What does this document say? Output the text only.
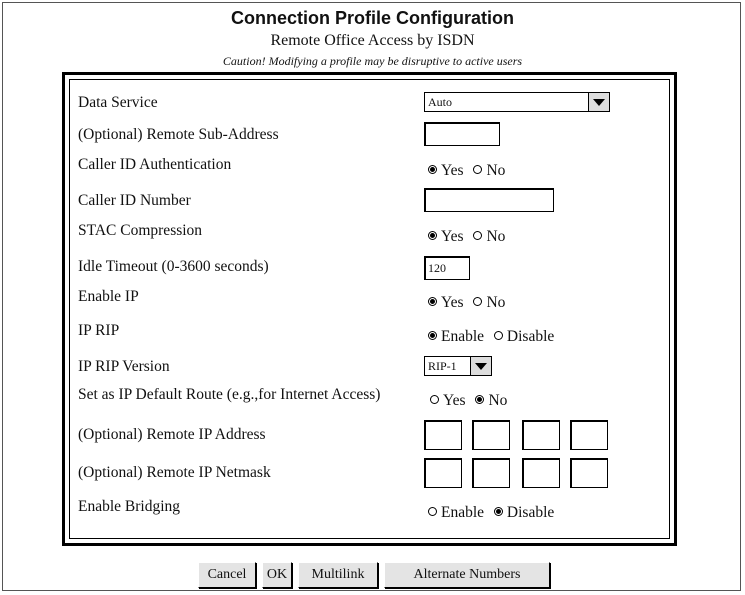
Connection Profile Configuration
Remote Office Access by ISDN
Caution! Modifying a profile may be disruptive to active users
Data Service	Auto
(Optional) Remote Sub-Address
Caller ID Authentication	Yes No
Caller ID Number
STAC Compression	Yes No
Idle Timeout (0-3600 seconds)	120
Enable IP	Yes No
IP RIP	Enable Disable
IP RIP Version	RIP-1
Set as IP Default Route (e.g.,for Internet Access)	Yes No
(Optional) Remote IP Address
(Optional) Remote IP Netmask
Enable Bridging	Enable Disable
Cancel	OK	Multilink	Alternate Numbers
